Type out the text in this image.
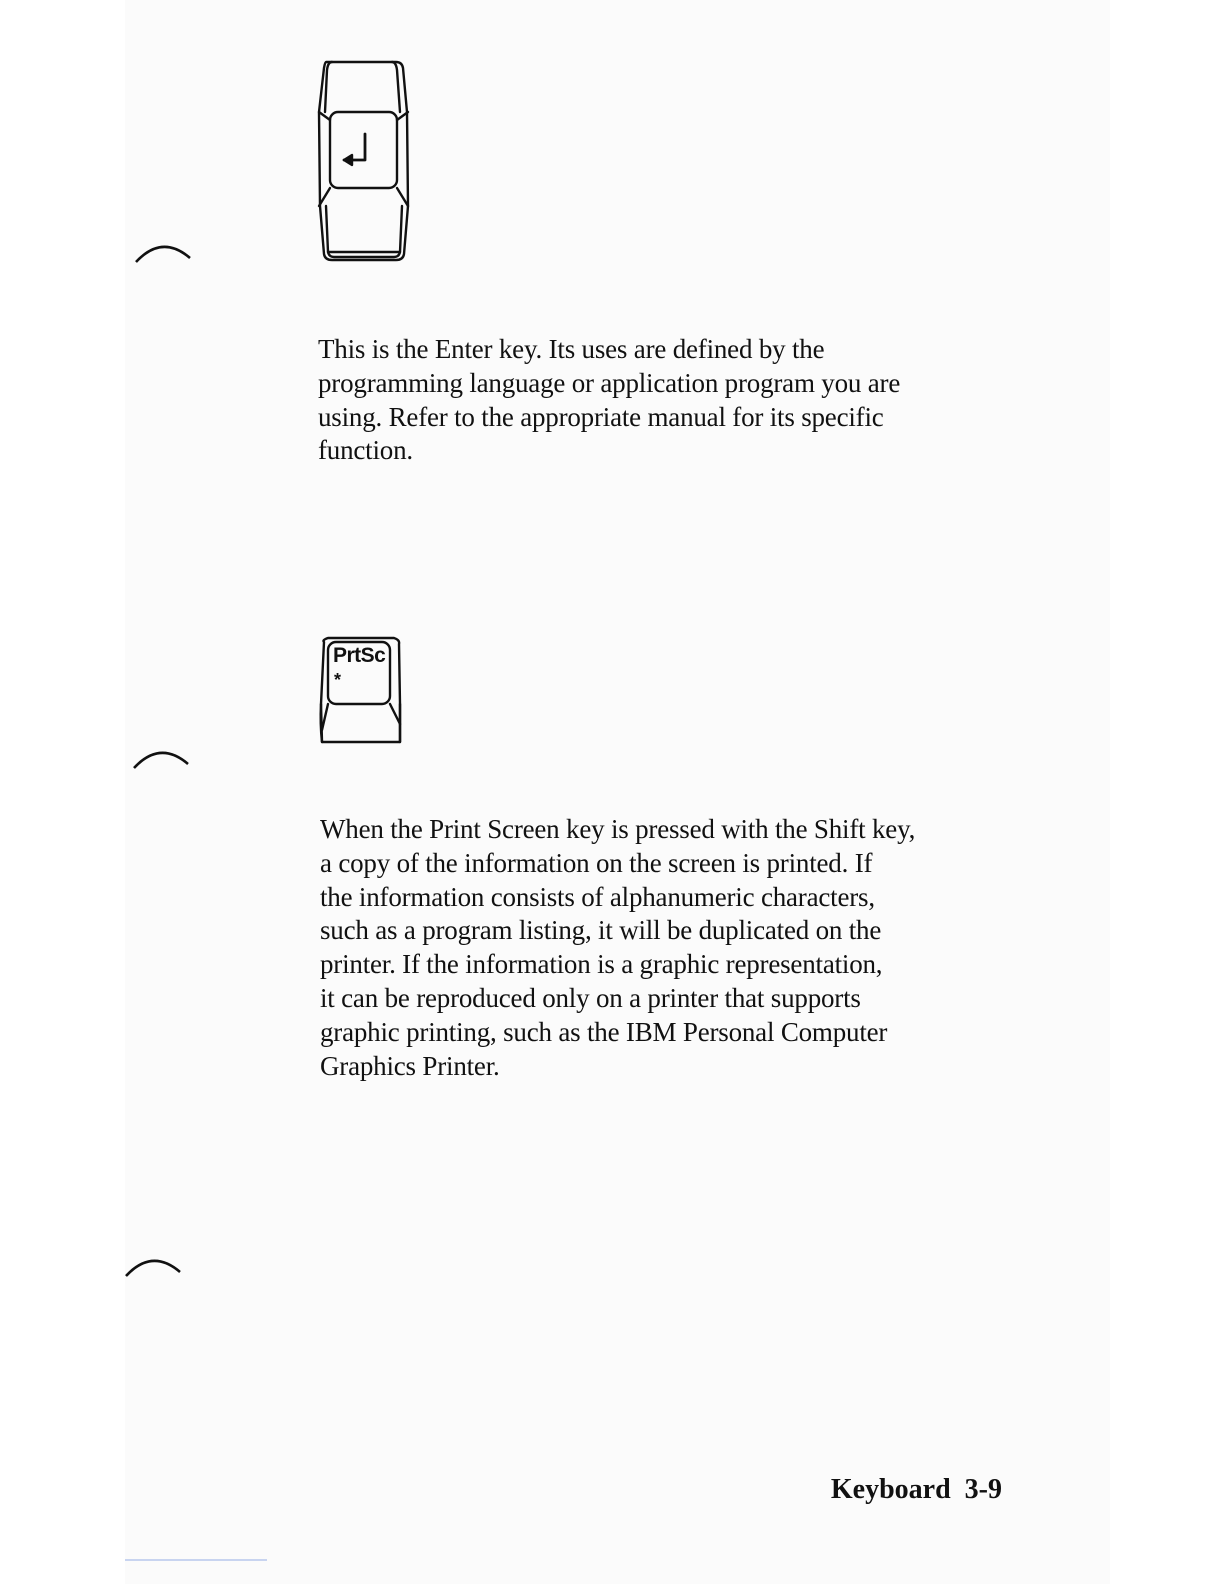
This is the Enter key. Its uses are defined by the
programming language or application program you are
using. Refer to the appropriate manual for its specific
function.

PrtSc
*

When the Print Screen key is pressed with the Shift key,
a copy of the information on the screen is printed. If
the information consists of alphanumeric characters,
such as a program listing, it will be duplicated on the
printer. If the information is a graphic representation,
it can be reproduced only on a printer that supports
graphic printing, such as the IBM Personal Computer
Graphics Printer.

Keyboard 3-9
